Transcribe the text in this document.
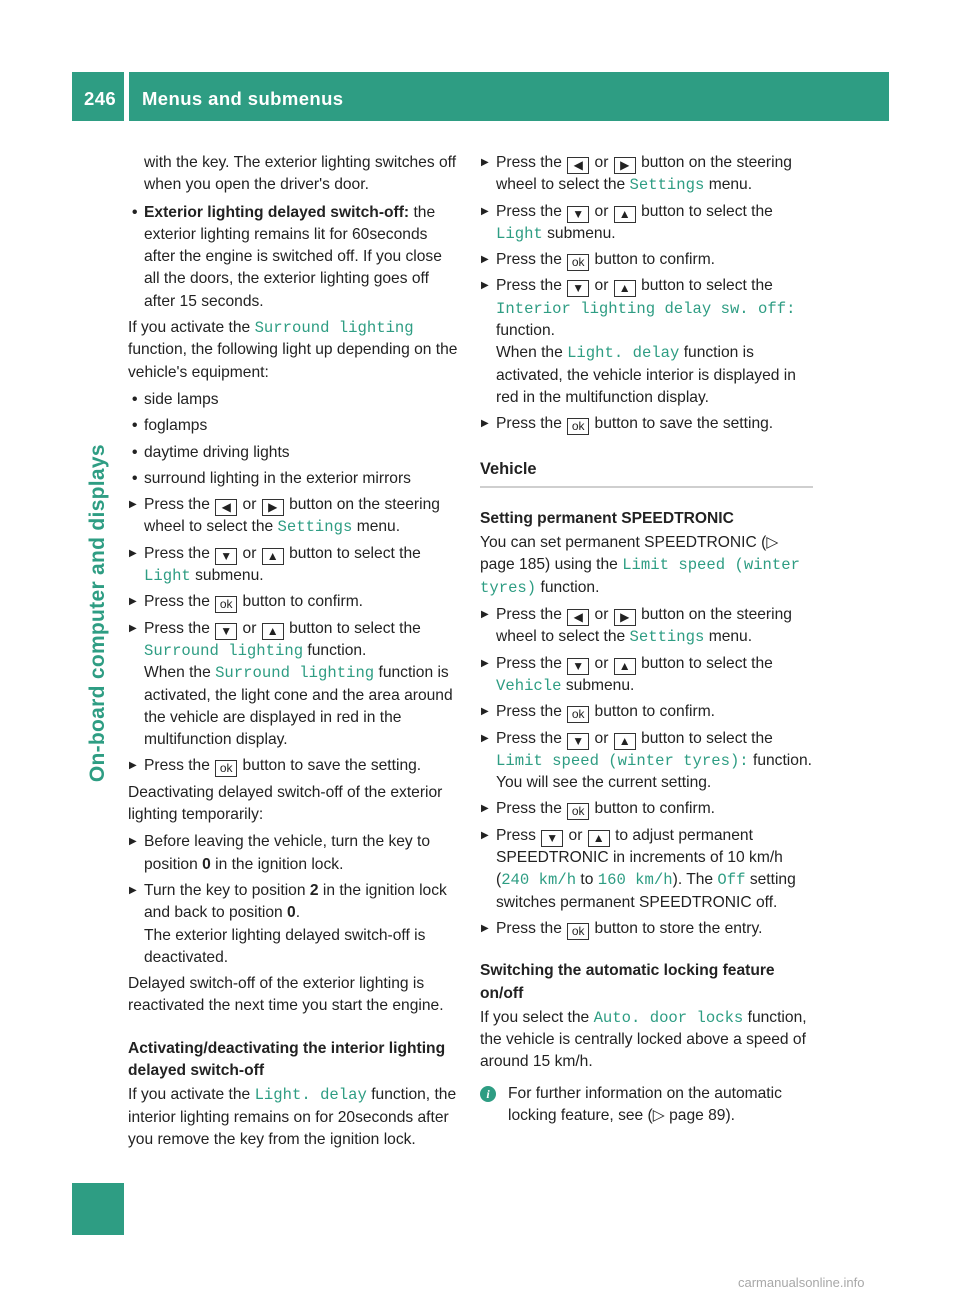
246 Menus and submenus
On-board computer and displays
with the key. The exterior lighting switches off when you open the driver's door.
• Exterior lighting delayed switch-off: the exterior lighting remains lit for 60seconds after the engine is switched off. If you close all the doors, the exterior lighting goes off after 15 seconds.
If you activate the Surround lighting function, the following light up depending on the vehicle's equipment:
• side lamps
• foglamps
• daytime driving lights
• surround lighting in the exterior mirrors
▶ Press the ◀ or ▶ button on the steering wheel to select the Settings menu.
▶ Press the ▼ or ▲ button to select the Light submenu.
▶ Press the ok button to confirm.
▶ Press the ▼ or ▲ button to select the Surround lighting function.
When the Surround lighting function is activated, the light cone and the area around the vehicle are displayed in red in the multifunction display.
▶ Press the ok button to save the setting.
Deactivating delayed switch-off of the exterior lighting temporarily:
▶ Before leaving the vehicle, turn the key to position 0 in the ignition lock.
▶ Turn the key to position 2 in the ignition lock and back to position 0.
The exterior lighting delayed switch-off is deactivated.
Delayed switch-off of the exterior lighting is reactivated the next time you start the engine.
Activating/deactivating the interior lighting delayed switch-off
If you activate the Light. delay function, the interior lighting remains on for 20seconds after you remove the key from the ignition lock.
▶ Press the ◀ or ▶ button on the steering wheel to select the Settings menu.
▶ Press the ▼ or ▲ button to select the Light submenu.
▶ Press the ok button to confirm.
▶ Press the ▼ or ▲ button to select the Interior lighting delay sw. off: function.
When the Light. delay function is activated, the vehicle interior is displayed in red in the multifunction display.
▶ Press the ok button to save the setting.
Vehicle
Setting permanent SPEEDTRONIC
You can set permanent SPEEDTRONIC (▷ page 185) using the Limit speed (winter tyres) function.
▶ Press the ◀ or ▶ button on the steering wheel to select the Settings menu.
▶ Press the ▼ or ▲ button to select the Vehicle submenu.
▶ Press the ok button to confirm.
▶ Press the ▼ or ▲ button to select the Limit speed (winter tyres): function.
You will see the current setting.
▶ Press the ok button to confirm.
▶ Press ▼ or ▲ to adjust permanent SPEEDTRONIC in increments of 10 km/h (240 km/h to 160 km/h). The Off setting switches permanent SPEEDTRONIC off.
▶ Press the ok button to store the entry.
Switching the automatic locking feature on/off
If you select the Auto. door locks function, the vehicle is centrally locked above a speed of around 15 km/h.
i	For further information on the automatic locking feature, see (▷ page 89).
carmanualsonline.info
